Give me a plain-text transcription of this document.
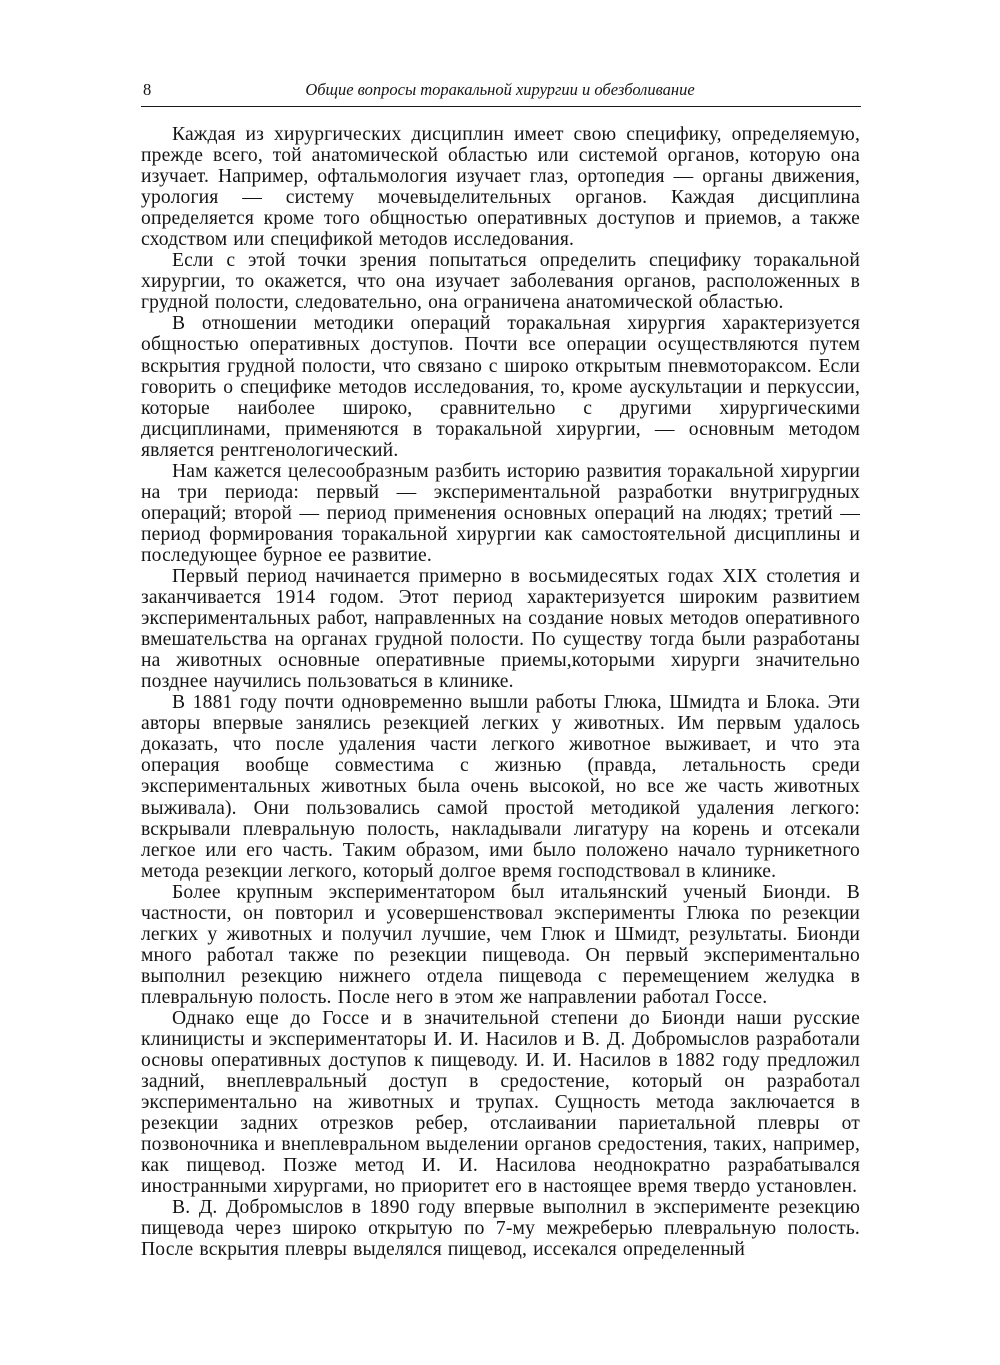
8	Общие вопросы торакальной хирургии и обезболивание

Каждая из хирургических дисциплин имеет свою специфику, определяемую, прежде всего, той анатомической областью или системой органов, которую она изучает. Например, офтальмология изучает глаз, ортопедия — органы движения, урология — систему мочевыделительных органов. Каждая дисциплина определяется кроме того общностью оперативных доступов и приемов, а также сходством или спецификой методов исследования.

Если с этой точки зрения попытаться определить специфику торакальной хирургии, то окажется, что она изучает заболевания органов, расположенных в грудной полости, следовательно, она ограничена анатомической областью.

В отношении методики операций торакальная хирургия характеризуется общностью оперативных доступов. Почти все операции осуществляются путем вскрытия грудной полости, что связано с широко открытым пневмотораксом. Если говорить о специфике методов исследования, то, кроме аускультации и перкуссии, которые наиболее широко, сравнительно с другими хирургическими дисциплинами, применяются в торакальной хирургии, — основным методом является рентгенологический.

Нам кажется целесообразным разбить историю развития торакальной хирургии на три периода: первый — экспериментальной разработки внутригрудных операций; второй — период применения основных операций на людях; третий — период формирования торакальной хирургии как самостоятельной дисциплины и последующее бурное ее развитие.

Первый период начинается примерно в восьмидесятых годах XIX столетия и заканчивается 1914 годом. Этот период характеризуется широким развитием экспериментальных работ, направленных на создание новых методов оперативного вмешательства на органах грудной полости. По существу тогда были разработаны на животных основные оперативные приемы,которыми хирурги значительно позднее научились пользоваться в клинике.

В 1881 году почти одновременно вышли работы Глюка, Шмидта и Блока. Эти авторы впервые занялись резекцией легких у животных. Им первым удалось доказать, что после удаления части легкого животное выживает, и что эта операция вообще совместима с жизнью (правда, летальность среди экспериментальных животных была очень высокой, но все же часть животных выживала). Они пользовались самой простой методикой удаления легкого: вскрывали плевральную полость, накладывали лигатуру на корень и отсекали легкое или его часть. Таким образом, ими было положено начало турникетного метода резекции легкого, который долгое время господствовал в клинике.

Более крупным экспериментатором был итальянский ученый Бионди. В частности, он повторил и усовершенствовал эксперименты Глюка по резекции легких у животных и получил лучшие, чем Глюк и Шмидт, результаты. Бионди много работал также по резекции пищевода. Он первый экспериментально выполнил резекцию нижнего отдела пищевода с перемещением желудка в плевральную полость. После него в этом же направлении работал Госсе.

Однако еще до Госсе и в значительной степени до Бионди наши русские клиницисты и экспериментаторы И. И. Насилов и В. Д. Добромыслов разработали основы оперативных доступов к пищеводу. И. И. Насилов в 1882 году предложил задний, внеплевральный доступ в средостение, который он разработал экспериментально на животных и трупах. Сущность метода заключается в резекции задних отрезков ребер, отслаивании париетальной плевры от позвоночника и внеплевральном выделении органов средостения, таких, например, как пищевод. Позже метод И. И. Насилова неоднократно разрабатывался иностранными хирургами, но приоритет его в настоящее время твердо установлен.

В. Д. Добромыслов в 1890 году впервые выполнил в эксперименте резекцию пищевода через широко открытую по 7-му межреберью плевральную полость. После вскрытия плевры выделялся пищевод, иссекался определенный
